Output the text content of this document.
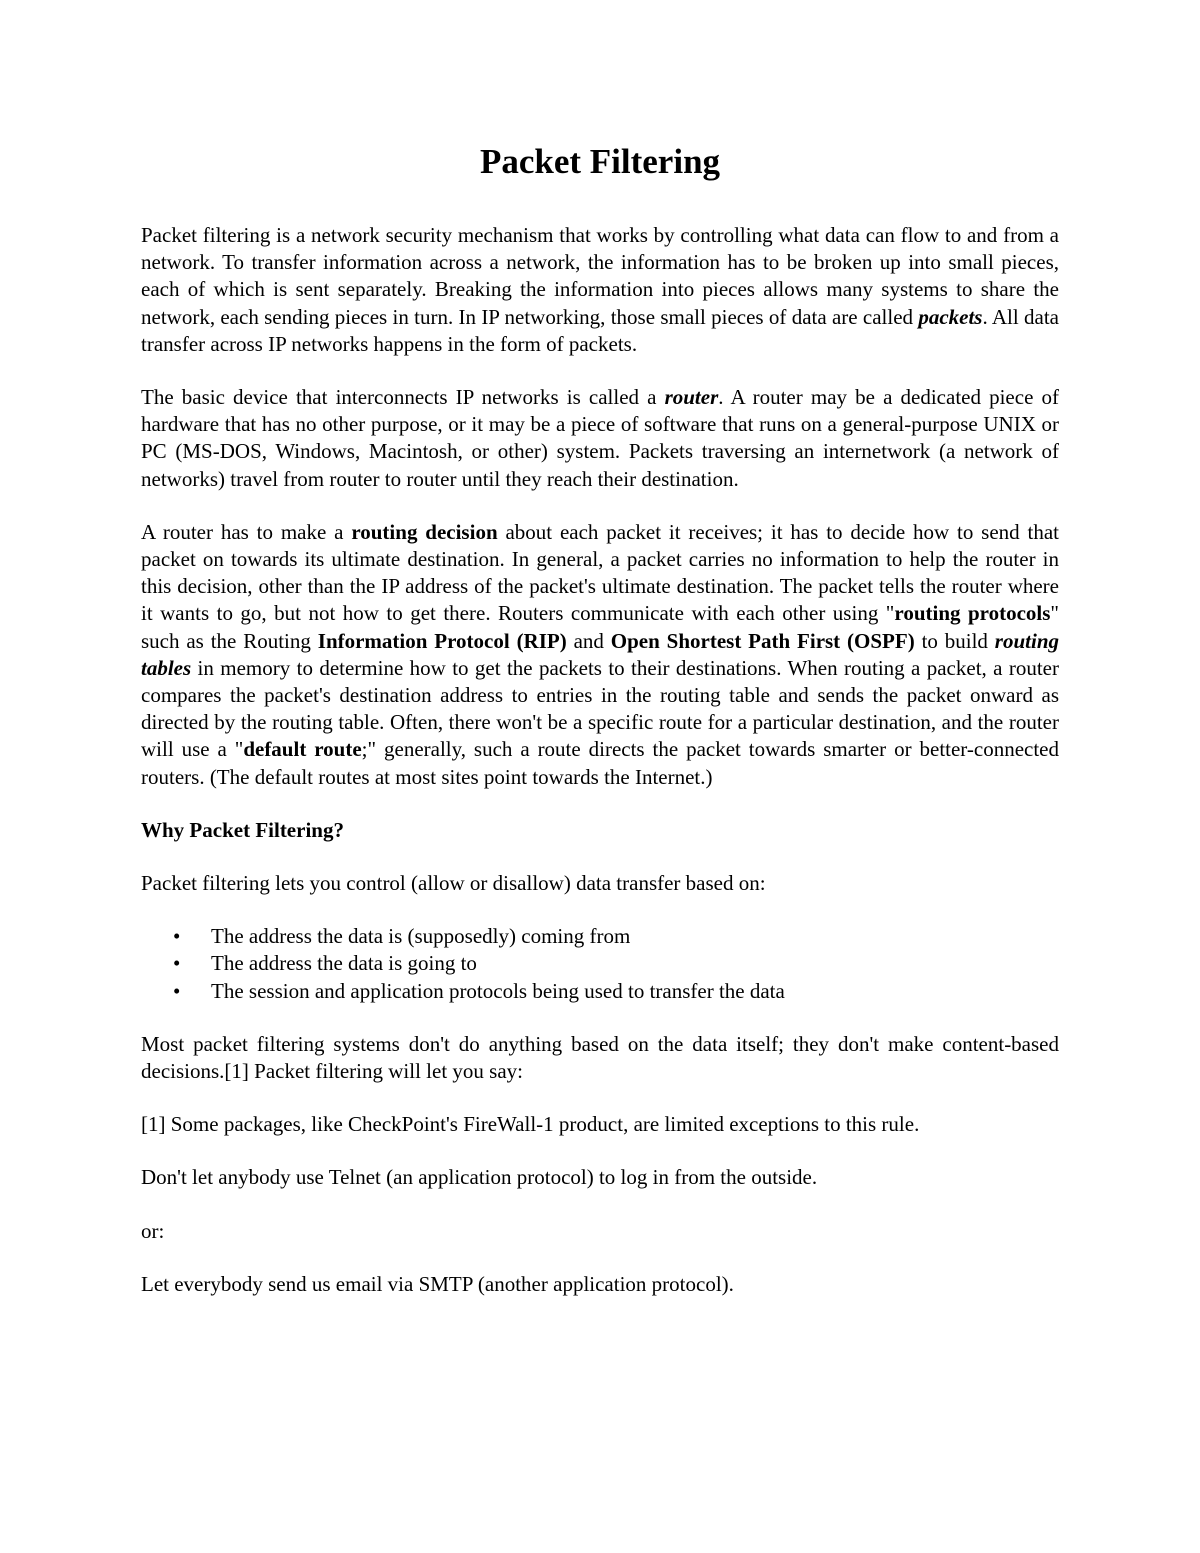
Packet Filtering

Packet filtering is a network security mechanism that works by controlling what data can flow to and from a network. To transfer information across a network, the information has to be broken up into small pieces, each of which is sent separately. Breaking the information into pieces allows many systems to share the network, each sending pieces in turn. In IP networking, those small pieces of data are called packets. All data transfer across IP networks happens in the form of packets.

The basic device that interconnects IP networks is called a router. A router may be a dedicated piece of hardware that has no other purpose, or it may be a piece of software that runs on a general-purpose UNIX or PC (MS-DOS, Windows, Macintosh, or other) system. Packets traversing an internetwork (a network of networks) travel from router to router until they reach their destination.

A router has to make a routing decision about each packet it receives; it has to decide how to send that packet on towards its ultimate destination. In general, a packet carries no information to help the router in this decision, other than the IP address of the packet's ultimate destination. The packet tells the router where it wants to go, but not how to get there. Routers communicate with each other using "routing protocols" such as the Routing Information Protocol (RIP) and Open Shortest Path First (OSPF) to build routing tables in memory to determine how to get the packets to their destinations. When routing a packet, a router compares the packet's destination address to entries in the routing table and sends the packet onward as directed by the routing table. Often, there won't be a specific route for a particular destination, and the router will use a "default route;" generally, such a route directs the packet towards smarter or better-connected routers. (The default routes at most sites point towards the Internet.)

Why Packet Filtering?

Packet filtering lets you control (allow or disallow) data transfer based on:

• The address the data is (supposedly) coming from
• The address the data is going to
• The session and application protocols being used to transfer the data

Most packet filtering systems don't do anything based on the data itself; they don't make content-based decisions.[1] Packet filtering will let you say:

[1] Some packages, like CheckPoint's FireWall-1 product, are limited exceptions to this rule.

Don't let anybody use Telnet (an application protocol) to log in from the outside.

or:

Let everybody send us email via SMTP (another application protocol).
